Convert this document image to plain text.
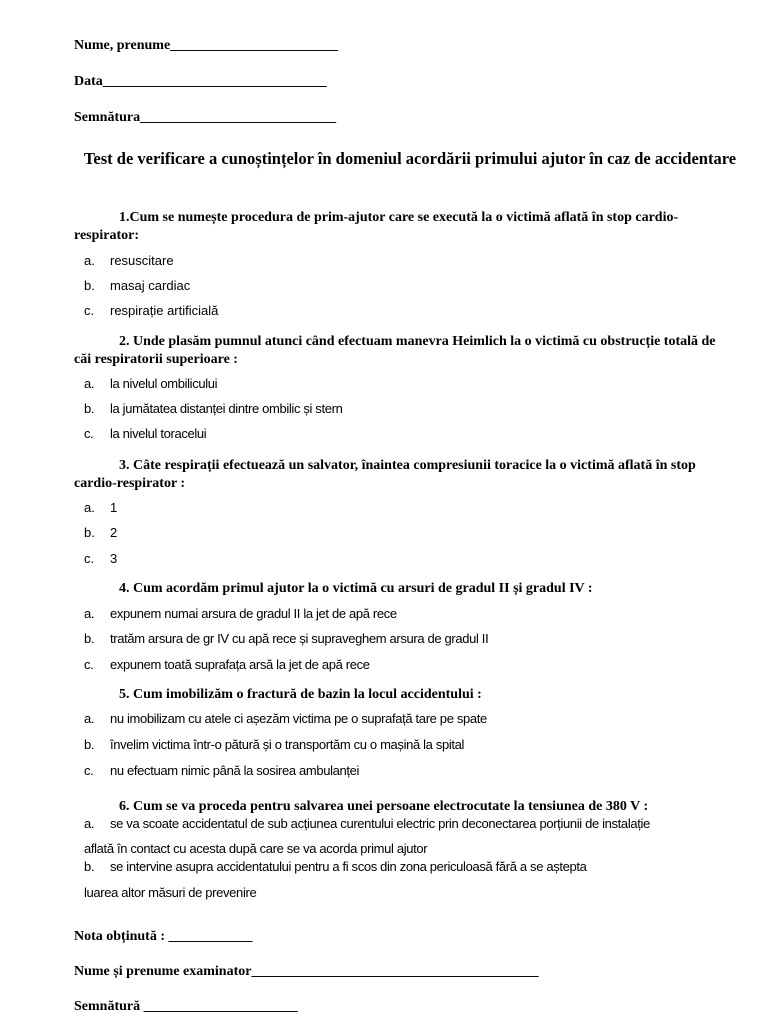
Nume, prenume________________________
Data________________________________
Semnătura____________________________
Test de verificare a cunoștințelor în domeniul acordării primului ajutor în caz de accidentare
1.Cum se numește procedura de prim-ajutor care se execută la o victimă aflată în stop cardio-respirator:
a. resuscitare
b. masaj cardiac
c. respirație artificială
2. Unde plasăm pumnul atunci când efectuam manevra Heimlich la o victimă cu obstrucție totală de căi respiratorii superioare :
a. la nivelul ombilicului
b. la jumătatea distanței dintre ombilic și stern
c. la nivelul toracelui
3. Câte respirații efectuează un salvator, înaintea compresiunii toracice la o victimă aflată în stop cardio-respirator :
a. 1
b. 2
c. 3
4. Cum acordăm primul ajutor la o victimă cu arsuri de gradul II și gradul IV :
a. expunem numai arsura de gradul II la jet de apă rece
b. tratăm arsura de gr IV cu apă rece și supraveghem arsura de gradul II
c. expunem toată suprafața arsă la jet de apă rece
5. Cum imobilizăm o fractură de bazin la locul accidentului :
a. nu imobilizam cu atele ci așezăm victima pe o suprafață tare pe spate
b. învelim victima într-o pătură și o transportăm cu o mașină la spital
c. nu efectuam nimic până la sosirea ambulanței
6. Cum se va proceda pentru salvarea unei persoane electrocutate la tensiunea de 380 V :
a. se va scoate accidentatul de sub acțiunea curentului electric prin deconectarea porțiunii de instalație
aflată în contact cu acesta după care se va acorda primul ajutor
b. se intervine asupra accidentatului pentru a fi scos din zona periculoasă fără a se aștepta
luarea altor măsuri de prevenire
Nota obținută : ____________
Nume și prenume examinator_________________________________________
Semnătură ______________________
